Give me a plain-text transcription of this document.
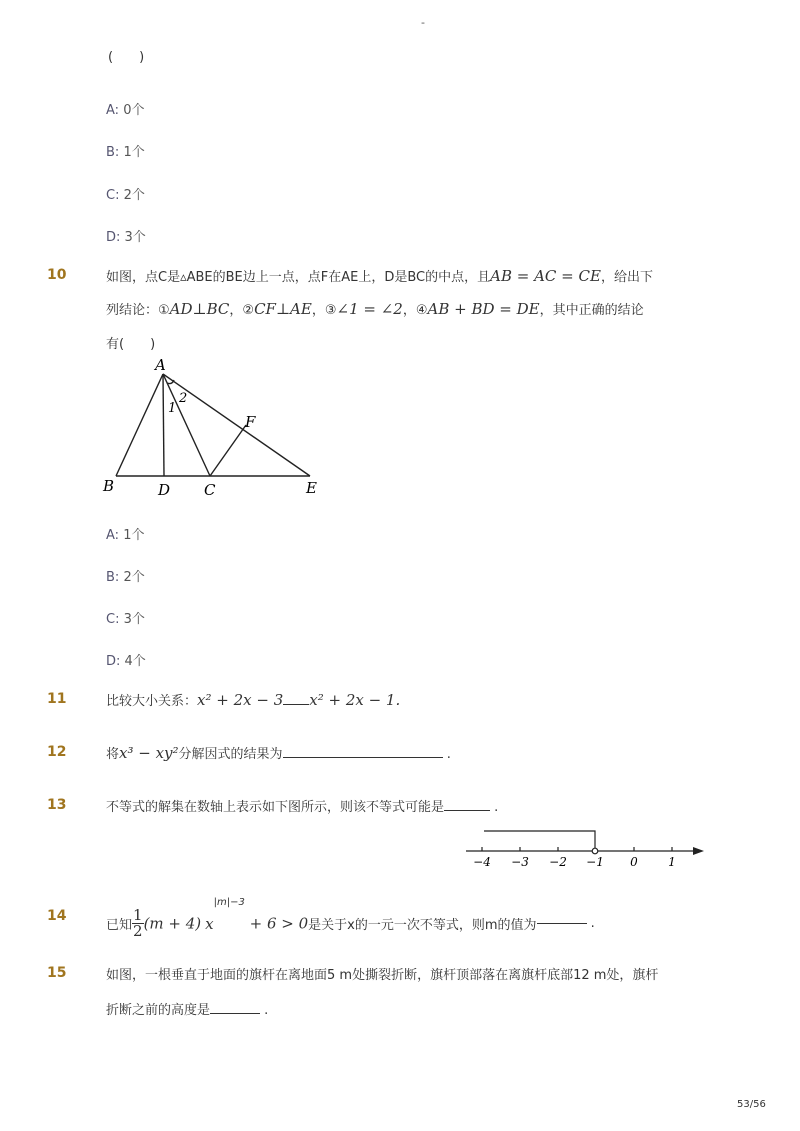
-
(　　)
A: 0个
B: 1个
C: 2个
D: 3个
10	如图，点C是▵ABE的BE边上一点，点F在AE上，D是BC的中点，且AB = AC = CE，给出下
列结论：①AD⊥BC，②CF⊥AE，③∠1 = ∠2，④AB + BD = DE，其中正确的结论
有(　　)
A
B	D C	E
F
1
2
A: 1个
B: 2个
C: 3个
D: 4个
11	比较大小关系：x² + 2x − 3 x² + 2x − 1.
12	将x³ − xy²分解因式的结果为	.
13	不等式的解集在数轴上表示如下图所示，则该不等式可能是	.
−4 −3 −2 −1 0	1
14
已知 $\frac{1}{2} (m + 4) x^{|m|-3} + 6 > 0$是关于x的一元一次不等式，则m的值为	.
15	如图，一根垂直于地面的旗杆在离地面5 m处撕裂折断，旗杆顶部落在离旗杆底部12 m处，旗杆
折断之前的高度是	.
53/56
